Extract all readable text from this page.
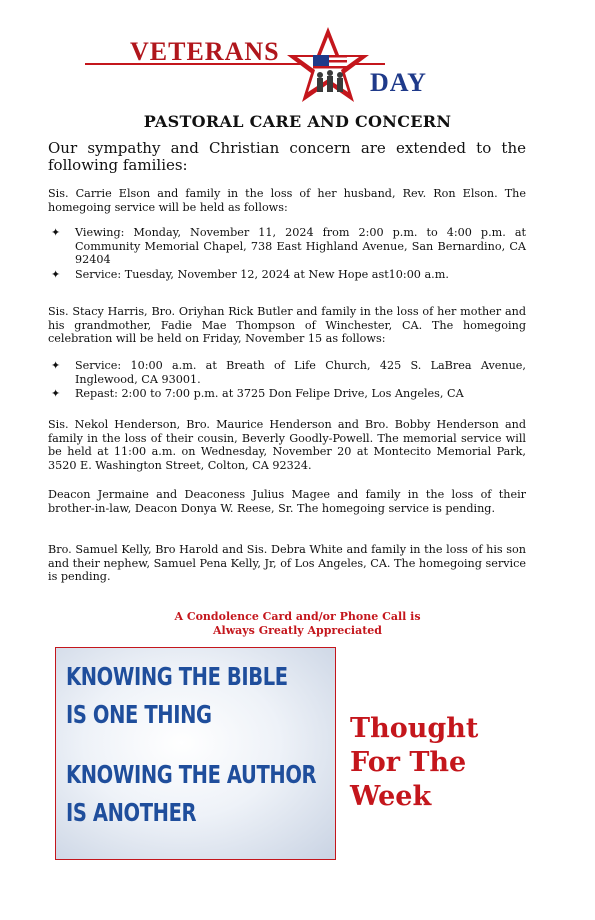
VETERANS
DAY
PASTORAL CARE AND CONCERN
Our sympathy and Christian concern are extended to the following families:
Sis. Carrie Elson and family in the loss of her husband, Rev. Ron Elson. The homegoing service will be held as follows:
✦ Viewing: Monday, November 11, 2024 from 2:00 p.m. to 4:00 p.m. at Community Memorial Chapel, 738 East Highland Avenue, San Bernardino, CA 92404
✦ Service: Tuesday, November 12, 2024 at New Hope ast10:00 a.m.
Sis. Stacy Harris, Bro. Oriyhan Rick Butler and family in the loss of her mother and his grandmother, Fadie Mae Thompson of Winchester, CA. The homegoing celebration will be held on Friday, November 15 as follows:
✦ Service: 10:00 a.m. at Breath of Life Church, 425 S. LaBrea Avenue, Inglewood, CA 93001.
✦ Repast: 2:00 to 7:00 p.m. at 3725 Don Felipe Drive, Los Angeles, CA
Sis. Nekol Henderson, Bro. Maurice Henderson and Bro. Bobby Henderson and family in the loss of their cousin, Beverly Goodly-Powell. The memorial service will be held at 11:00 a.m. on Wednesday, November 20 at Montecito Memorial Park, 3520 E. Washington Street, Colton, CA 92324.
Deacon Jermaine and Deaconess Julius Magee and family in the loss of their brother-in-law, Deacon Donya W. Reese, Sr. The homegoing service is pending.
Bro. Samuel Kelly, Bro Harold and Sis. Debra White and family in the loss of his son and their nephew, Samuel Pena Kelly, Jr, of Los Angeles, CA. The homegoing service is pending.
A Condolence Card and/or Phone Call is
Always Greatly Appreciated
KNOWING THE BIBLE
IS ONE THING
KNOWING THE AUTHOR
IS ANOTHER
Thought
For The
Week
